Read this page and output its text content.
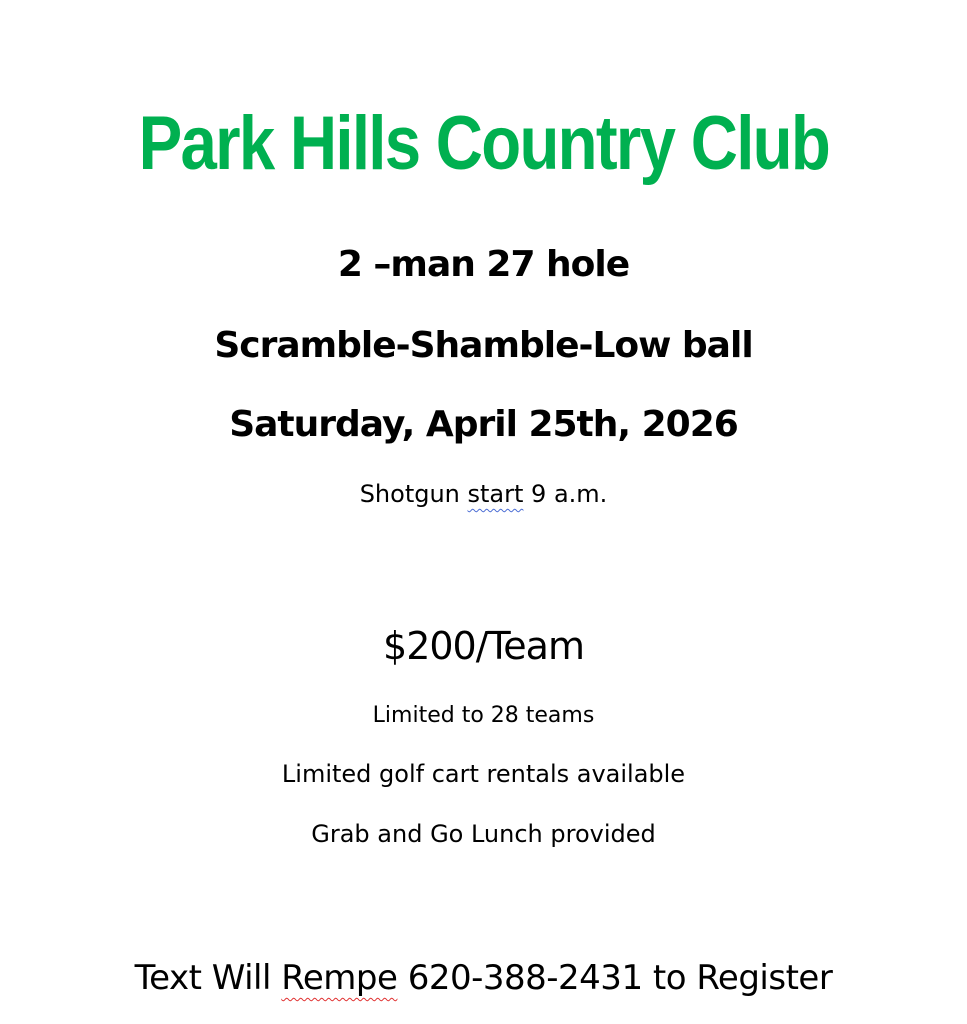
Park Hills Country Club
2 –man 27 hole
Scramble-Shamble-Low ball
Saturday, April 25th, 2026
Shotgun start 9 a.m.
$200/Team
Limited to 28 teams
Limited golf cart rentals available
Grab and Go Lunch provided
Text Will Rempe 620-388-2431 to Register
